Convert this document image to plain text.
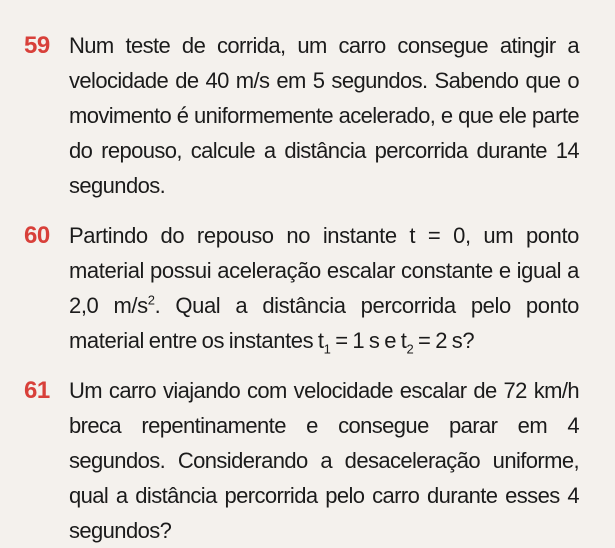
59 Num teste de corrida, um carro consegue atingir a velocidade de 40 m/s em 5 segundos. Sabendo que o movimento é uniformemente acelerado, e que ele parte do repouso, calcule a distância percorrida durante 14 segundos.
60 Partindo do repouso no instante t = 0, um ponto material possui aceleração escalar constante e igual a 2,0 $m/s^2$. Qual a distância percorrida pelo ponto material entre os instantes $t_1 = 1$ s e $t_2 = 2$ s?
61 Um carro viajando com velocidade escalar de 72 km/h breca repentinamente e consegue parar em 4 segundos. Considerando a desaceleração uniforme, qual a distância percorrida pelo carro durante esses 4 segundos?
